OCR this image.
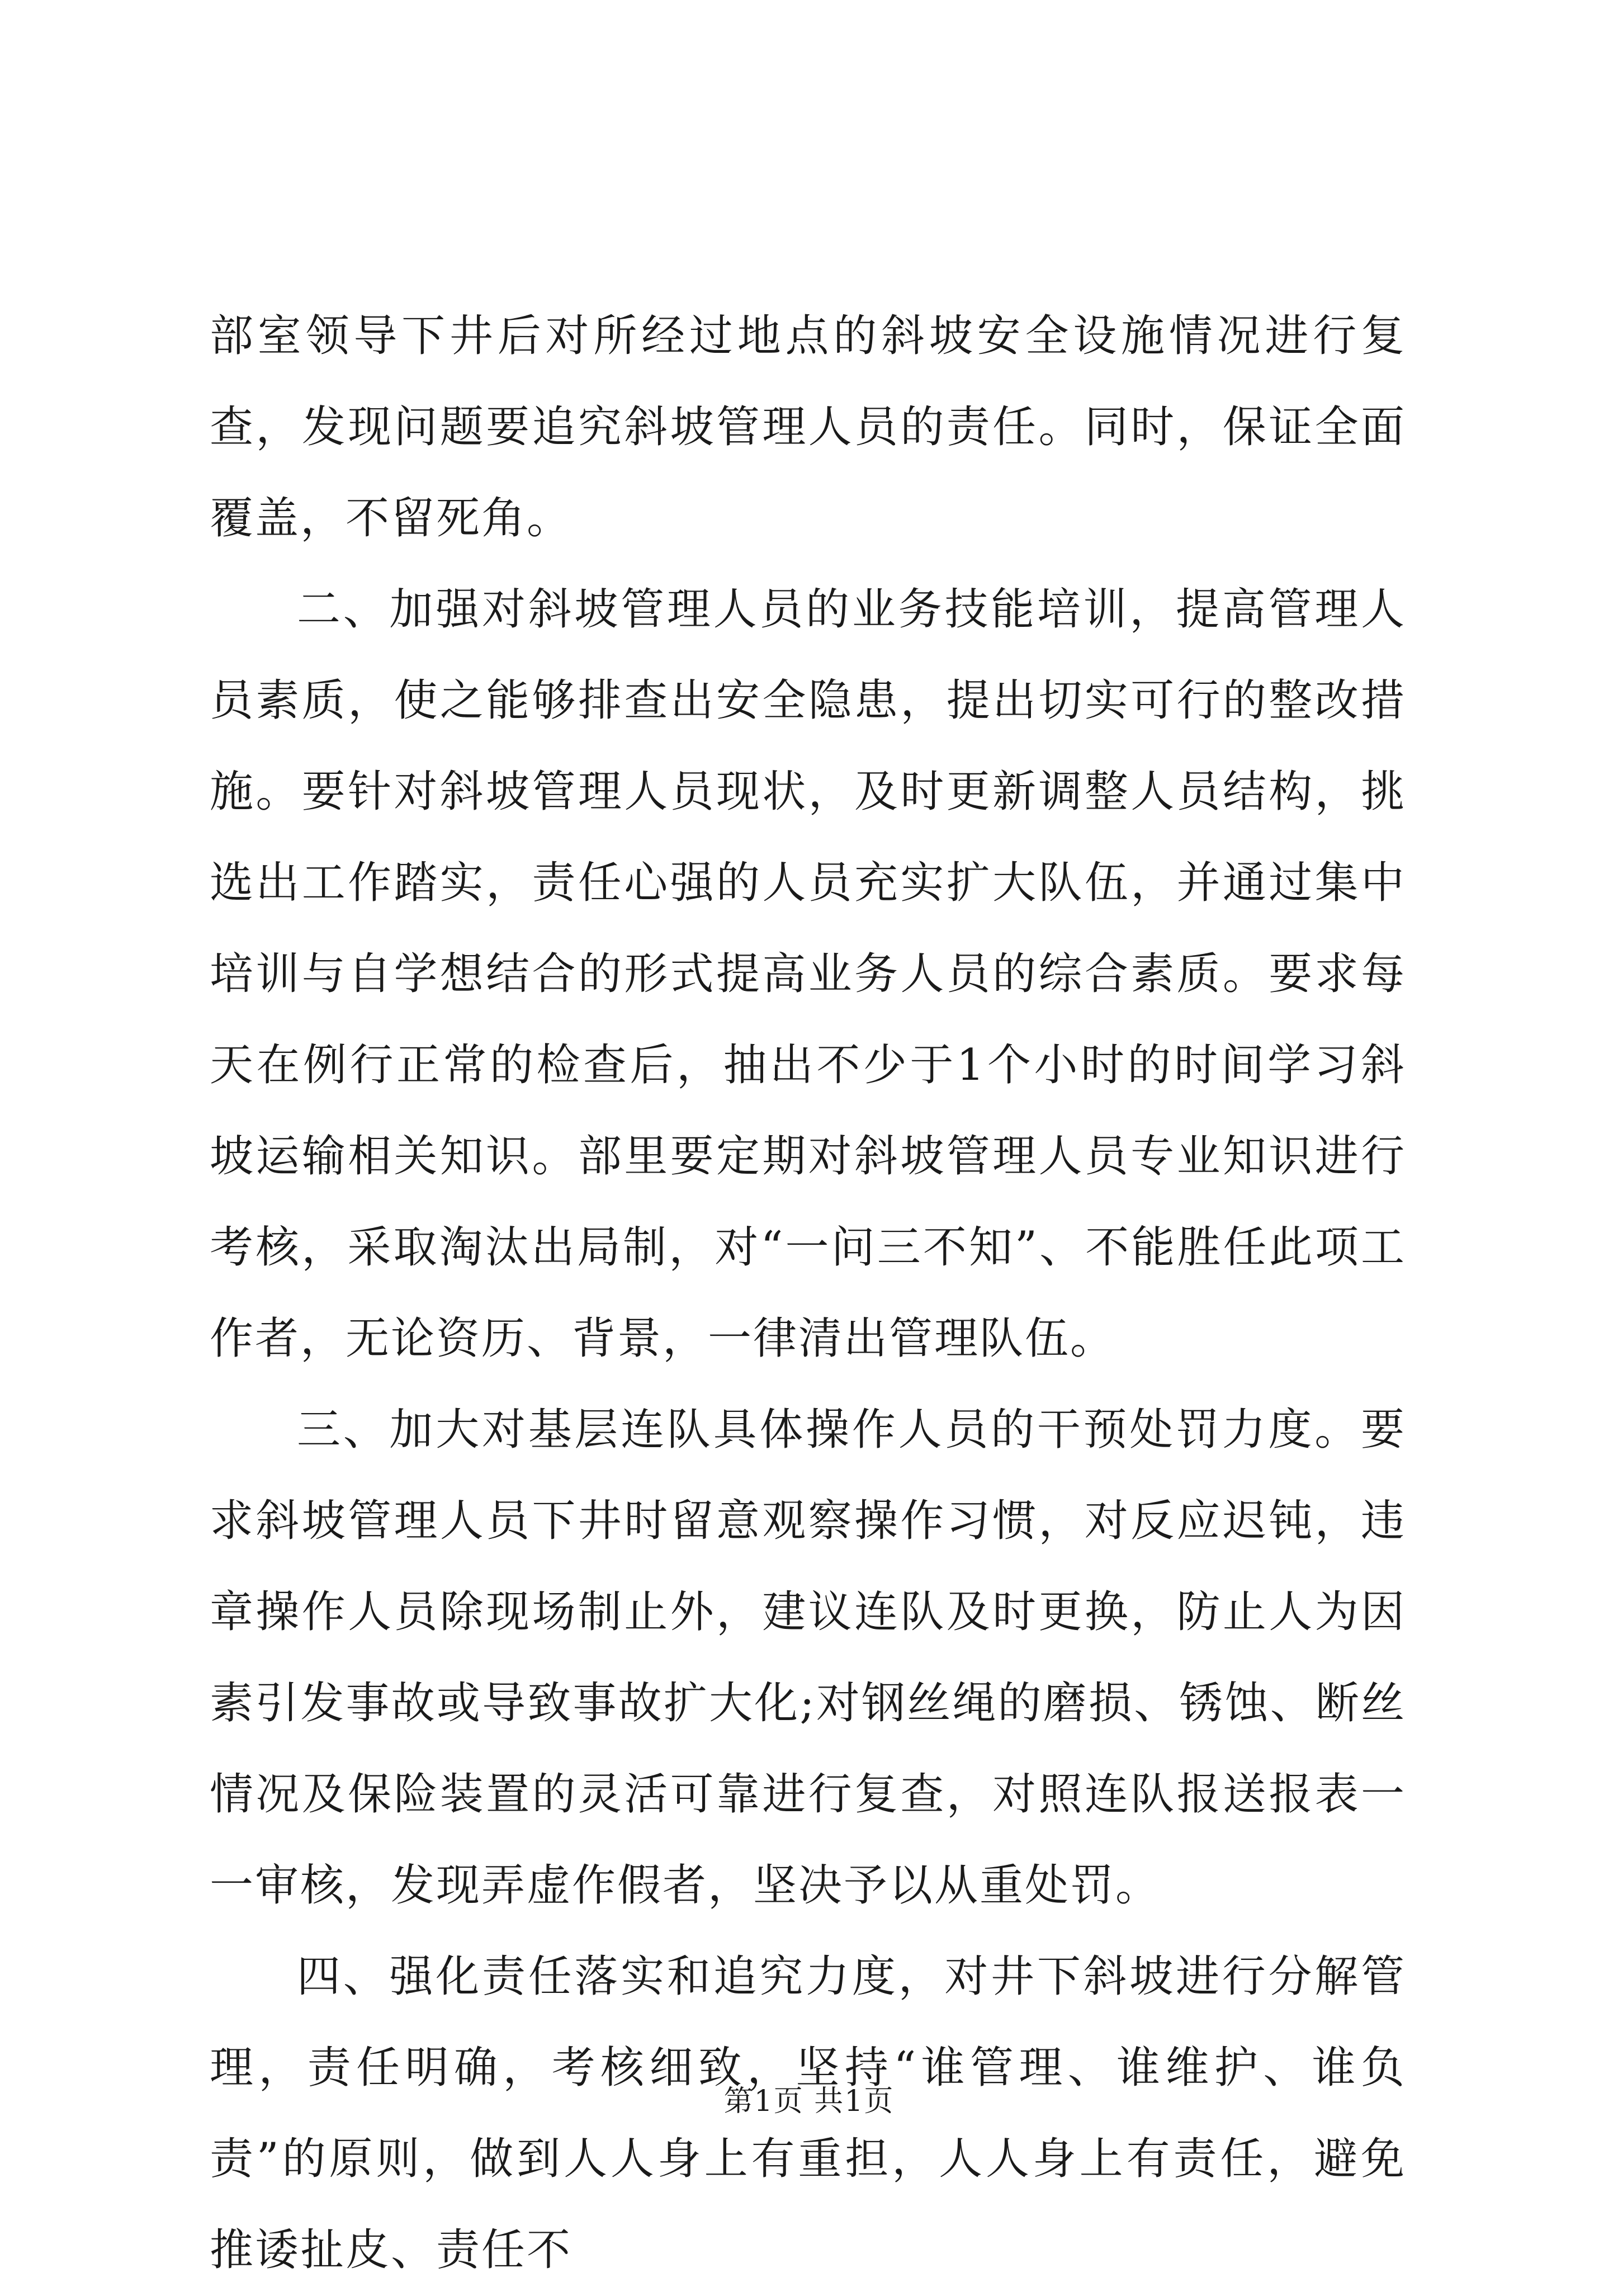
部室领导下井后对所经过地点的斜坡安全设施情况进行复查，发现问题要追究斜坡管理人员的责任。同时，保证全面覆盖，不留死角。

二、加强对斜坡管理人员的业务技能培训，提高管理人员素质，使之能够排查出安全隐患，提出切实可行的整改措施。要针对斜坡管理人员现状，及时更新调整人员结构，挑选出工作踏实，责任心强的人员充实扩大队伍，并通过集中培训与自学想结合的形式提高业务人员的综合素质。要求每天在例行正常的检查后，抽出不少于1个小时的时间学习斜坡运输相关知识。部里要定期对斜坡管理人员专业知识进行考核，采取淘汰出局制，对“一问三不知”、不能胜任此项工作者，无论资历、背景，一律清出管理队伍。

三、加大对基层连队具体操作人员的干预处罚力度。要求斜坡管理人员下井时留意观察操作习惯，对反应迟钝，违章操作人员除现场制止外，建议连队及时更换，防止人为因素引发事故或导致事故扩大化;对钢丝绳的磨损、锈蚀、断丝情况及保险装置的灵活可靠进行复查，对照连队报送报表一一审核，发现弄虚作假者，坚决予以从重处罚。

四、强化责任落实和追究力度，对井下斜坡进行分解管理，责任明确，考核细致，坚持“谁管理、谁维护、谁负责”的原则，做到人人身上有重担，人人身上有责任，避免推诿扯皮、责任不

第1页 共1页
